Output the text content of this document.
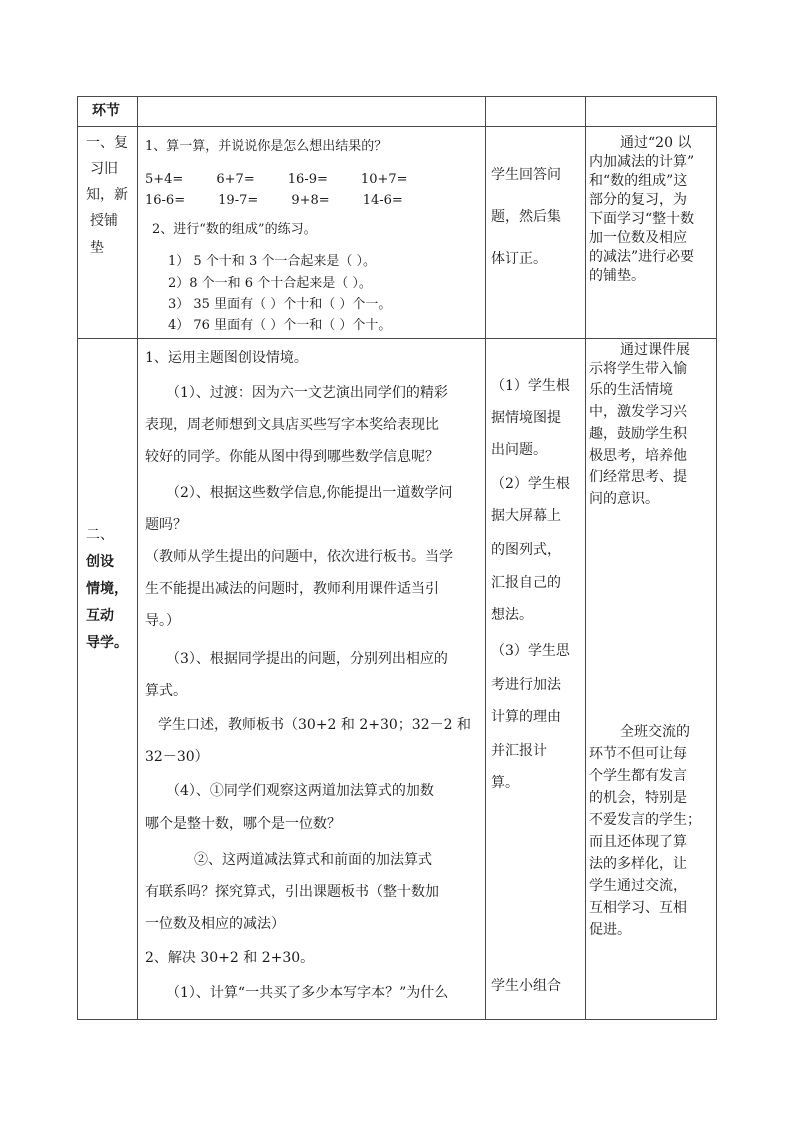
环节
一、复
习旧
知，新
授铺
垫
1、算一算，并说说你是怎么想出结果的？
5+4=        6+7=        16-9=        10+7=
16-6=        19-7=        9+8=        14-6=
2、进行“数的组成”的练习。
1） 5 个十和 3 个一合起来是（ ）。
2）8 个一和 6 个十合起来是（ ）。
3） 35 里面有（ ）个十和（ ）个一。
4） 76 里面有（ ）个一和（ ）个十。
学生回答问
题，然后集
体订正。
通过“20 以
内加减法的计算”
和“数的组成”这
部分的复习，为
下面学习“整十数
加一位数及相应
的减法”进行必要
的铺垫。
二、
创设
情境，
互动
导学。
1、运用主题图创设情境。
（1）、过渡：因为六一文艺演出同学们的精彩
表现，周老师想到文具店买些写字本奖给表现比
较好的同学。你能从图中得到哪些数学信息呢？
（2）、根据这些数学信息,你能提出一道数学问
题吗？
（教师从学生提出的问题中，依次进行板书。当学
生不能提出减法的问题时，教师利用课件适当引
导。）
（3）、根据同学提出的问题，分别列出相应的
算式。
学生口述，教师板书（30+2 和 2+30；32－2 和
32－30）
（4）、①同学们观察这两道加法算式的加数
哪个是整十数，哪个是一位数？
②、这两道减法算式和前面的加法算式
有联系吗？探究算式，引出课题板书（整十数加
一位数及相应的减法）
2、解决 30+2 和 2+30。
（1）、计算“一共买了多少本写字本？”为什么
（1）学生根
据情境图提
出问题。
（2）学生根
据大屏幕上
的图列式，
汇报自己的
想法。
（3）学生思
考进行加法
计算的理由
并汇报计
算。
学生小组合
通过课件展
示将学生带入愉
乐的生活情境
中，激发学习兴
趣，鼓励学生积
极思考，培养他
们经常思考、提
问的意识。
全班交流的
环节不但可让每
个学生都有发言
的机会，特别是
不爱发言的学生；
而且还体现了算
法的多样化，让
学生通过交流，
互相学习、互相
促进。
